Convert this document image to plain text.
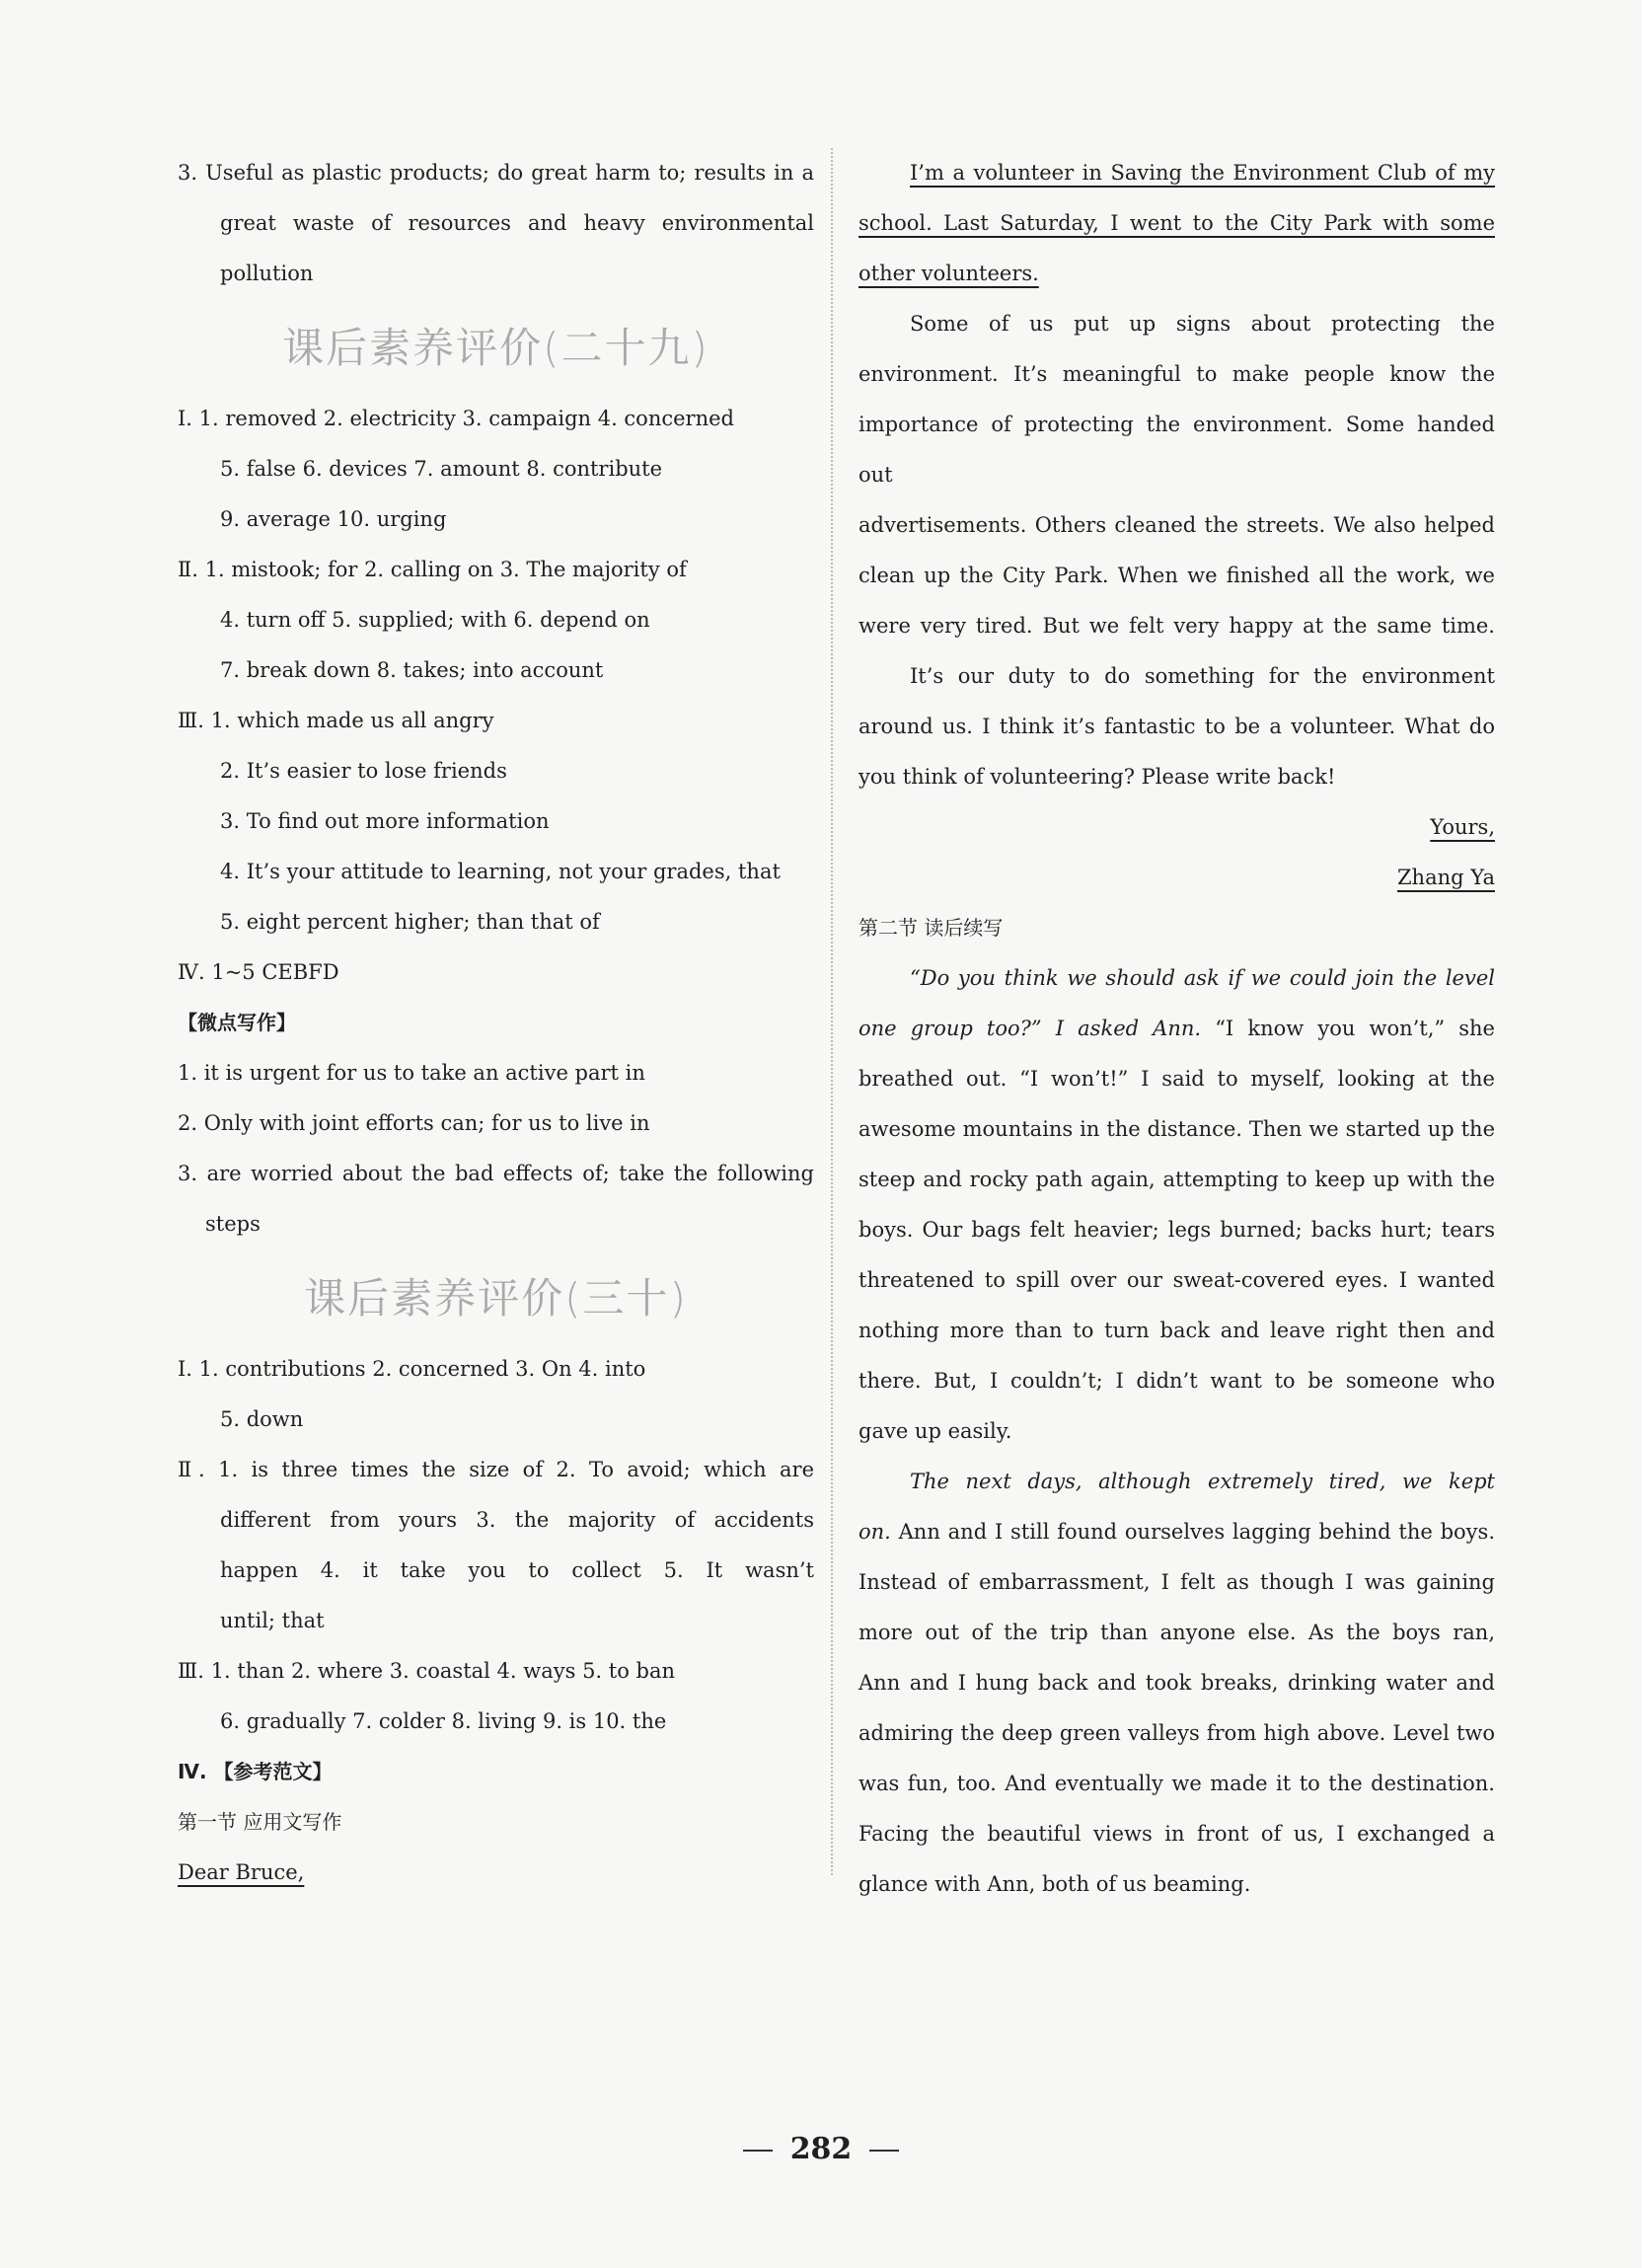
3. Useful as plastic products; do great harm to; results in a
great waste of resources and heavy environmental
pollution
课后素养评价(二十九)
Ⅰ. 1. removed 2. electricity 3. campaign 4. concerned
5. false 6. devices 7. amount 8. contribute
9. average 10. urging
Ⅱ. 1. mistook; for 2. calling on 3. The majority of
4. turn off 5. supplied; with 6. depend on
7. break down 8. takes; into account
Ⅲ. 1. which made us all angry
2. It’s easier to lose friends
3. To find out more information
4. It’s your attitude to learning, not your grades, that
5. eight percent higher; than that of
Ⅳ. 1~5 CEBFD
【微点写作】
1. it is urgent for us to take an active part in
2. Only with joint efforts can; for us to live in
3. are worried about the bad effects of; take the following
steps
课后素养评价(三十)
Ⅰ. 1. contributions 2. concerned 3. On 4. into
5. down
Ⅱ. 1. is three times the size of 2. To avoid; which are
different from yours 3. the majority of accidents
happen 4. it take you to collect 5. It wasn’t
until; that
Ⅲ. 1. than 2. where 3. coastal 4. ways 5. to ban
6. gradually 7. colder 8. living 9. is 10. the
Ⅳ. 【参考范文】
第一节 应用文写作
Dear Bruce,
I’m a volunteer in Saving the Environment Club of my
school. Last Saturday, I went to the City Park with some
other volunteers.
Some of us put up signs about protecting the
environment. It’s meaningful to make people know the
importance of protecting the environment. Some handed out
advertisements. Others cleaned the streets. We also helped
clean up the City Park. When we finished all the work, we
were very tired. But we felt very happy at the same time.
It’s our duty to do something for the environment
around us. I think it’s fantastic to be a volunteer. What do
you think of volunteering? Please write back!
Yours,
Zhang Ya
第二节 读后续写
“Do you think we should ask if we could join the level
one group too?” I asked Ann. “I know you won’t,” she
breathed out. “I won’t!” I said to myself, looking at the
awesome mountains in the distance. Then we started up the
steep and rocky path again, attempting to keep up with the
boys. Our bags felt heavier; legs burned; backs hurt; tears
threatened to spill over our sweat-covered eyes. I wanted
nothing more than to turn back and leave right then and
there. But, I couldn’t; I didn’t want to be someone who
gave up easily.
The next days, although extremely tired, we kept
on. Ann and I still found ourselves lagging behind the boys.
Instead of embarrassment, I felt as though I was gaining
more out of the trip than anyone else. As the boys ran,
Ann and I hung back and took breaks, drinking water and
admiring the deep green valleys from high above. Level two
was fun, too. And eventually we made it to the destination.
Facing the beautiful views in front of us, I exchanged a
glance with Ann, both of us beaming.
282
